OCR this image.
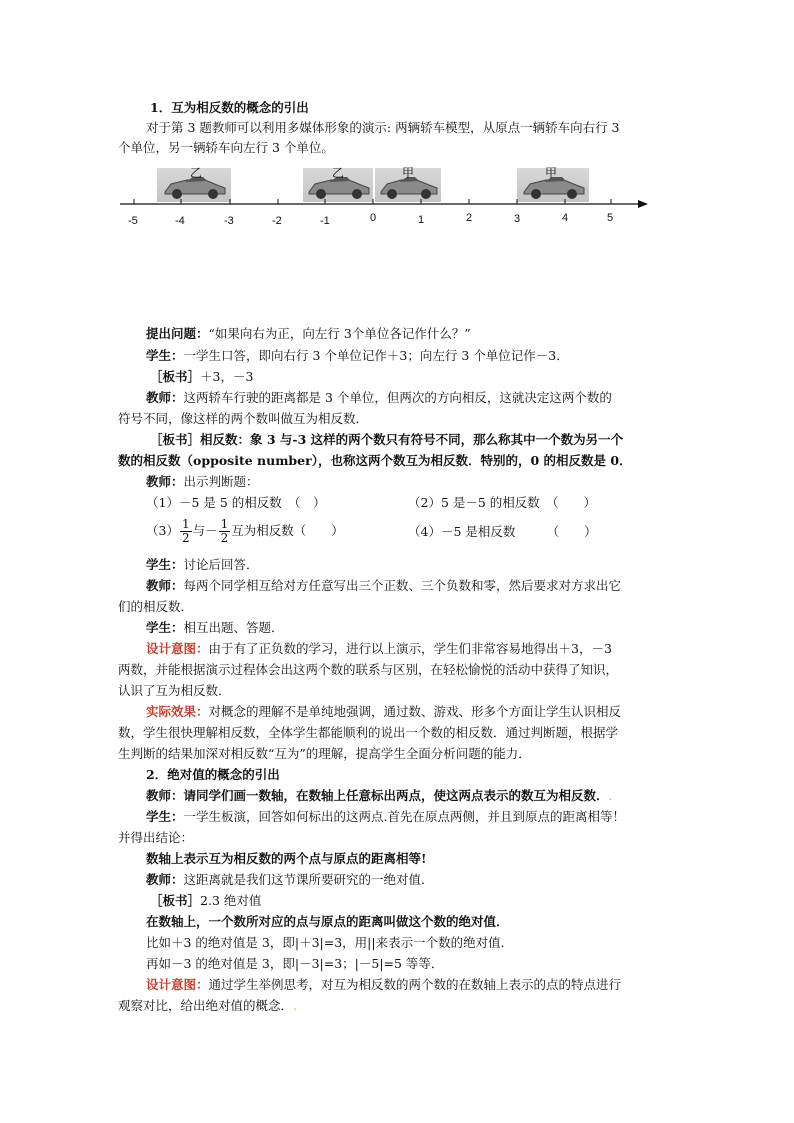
1．互为相反数的概念的引出
对于第 3 题教师可以利用多媒体形象的演示: 两辆轿车模型，从原点一辆轿车向右行 3
个单位，另一辆轿车向左行 3 个单位。
乙	乙	甲	甲
-5	-4	-3	-2	-1	0	1	2	3	4	5
提出问题：“如果向右为正，向左行 3个单位各记作什么？”
学生：一学生口答，即向右行 3 个单位记作＋3；向左行 3 个单位记作－3．
［板书］＋3，－3
教师：这两轿车行驶的距离都是 3 个单位，但两次的方向相反，这就决定这两个数的
符号不同，像这样的两个数叫做互为相反数．
［板书］相反数：象 3 与-3 这样的两个数只有符号不同，那么称其中一个数为另一个
数的相反数（opposite number），也称这两个数互为相反数．特别的，0 的相反数是 0．
教师：出示判断题：
（1）－5 是 5 的相反数　（　）	（2）5 是－5 的相反数　（　　）
$(3) \frac{1}{2}$ 与－ $\frac{1}{2}$ 互为相反数（　　）	（4）－5 是相反数　　　（　　）
学生：讨论后回答．
教师：每两个同学相互给对方任意写出三个正数、三个负数和零，然后要求对方求出它
们的相反数．
学生：相互出题、答题．
设计意图：由于有了正负数的学习，进行以上演示，学生们非常容易地得出＋3，－3
两数，并能根据演示过程体会出这两个数的联系与区别，在轻松愉悦的活动中获得了知识，
认识了互为相反数．
实际效果：对概念的理解不是单纯地强调，通过数、游戏、形多个方面让学生认识相反
数，学生很快理解相反数，全体学生都能顺利的说出一个数的相反数．通过判断题，根据学
生判断的结果加深对相反数“互为”的理解，提高学生全面分析问题的能力．
2．绝对值的概念的引出
教师：请同学们画一数轴，在数轴上任意标出两点，使这两点表示的数互为相反数．.
学生：一学生板演，回答如何标出的这两点.首先在原点两侧，并且到原点的距离相等！
并得出结论：
数轴上表示互为相反数的两个点与原点的距离相等!
教师：这距离就是我们这节课所要研究的一绝对值．
［板书］2.3 绝对值
在数轴上，一个数所对应的点与原点的距离叫做这个数的绝对值．
比如＋3 的绝对值是 3，即|＋3|=3，用||来表示一个数的绝对值．
再如－3 的绝对值是 3，即|－3|=3；|－5|=5 等等．
设计意图：通过学生举例思考，对互为相反数的两个数的在数轴上表示的点的特点进行
观察对比，给出绝对值的概念．.
